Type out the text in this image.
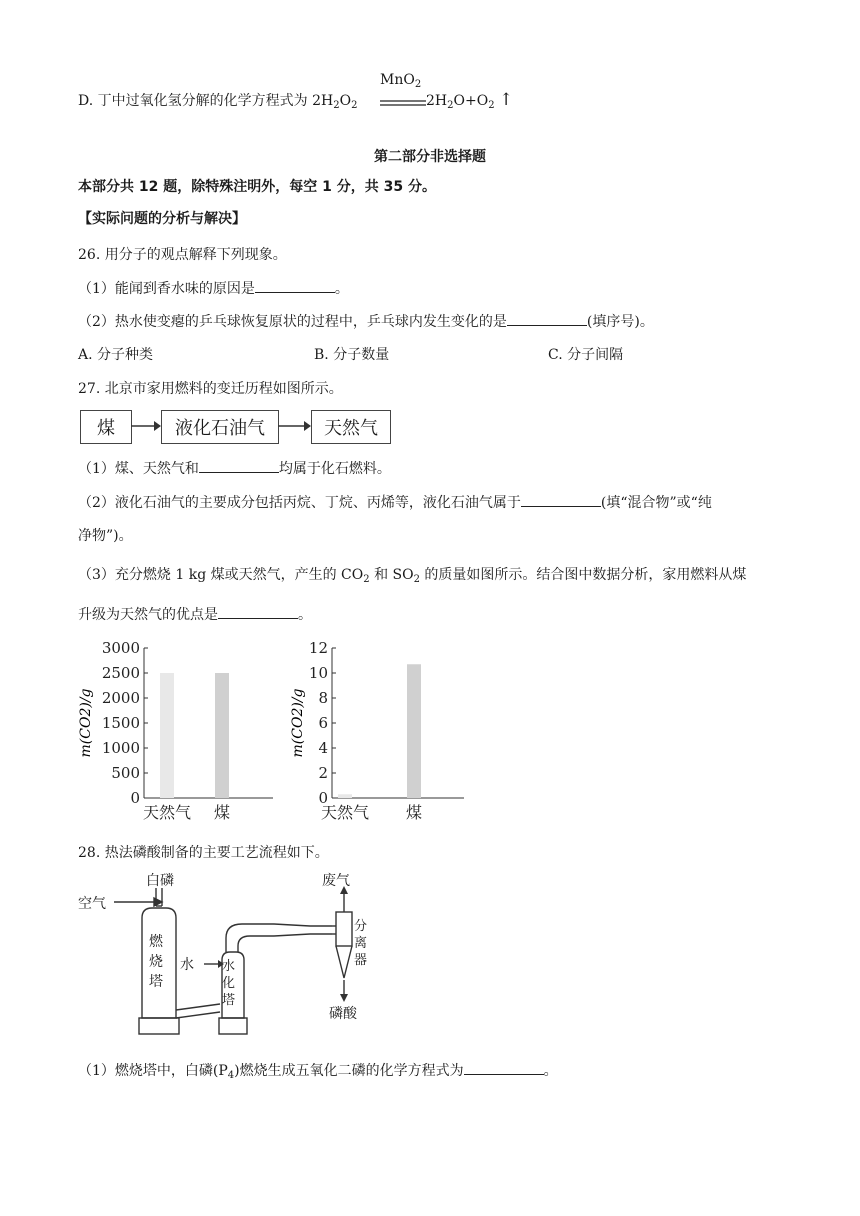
D. 丁中过氧化氢分解的化学方程式为 $2H_2O_2$
MnO$_2$
$2H_2O+O_2$ ↑
第二部分非选择题
本部分共 12 题，除特殊注明外，每空 1 分，共 35 分。
【实际问题的分析与解决】
26. 用分子的观点解释下列现象。
（1）能闻到香水味的原因是	。
（2）热水使变瘪的乒乓球恢复原状的过程中，乒乓球内发生变化的是	(填序号)。
A. 分子种类	B. 分子数量	C. 分子间隔
27. 北京市家用燃料的变迁历程如图所示。
煤	液化石油气	天然气
（1）煤、天然气和	均属于化石燃料。
（2）液化石油气的主要成分包括丙烷、丁烷、丙烯等，液化石油气属于	(填“混合物”或“纯
净物”)。
（3）充分燃烧 1 kg 煤或天然气，产生的 $CO_2$ 和 $SO_2$ 的质量如图所示。结合图中数据分析，家用燃料从煤
升级为天然气的优点是	。
m(CO2)/g
0
500
1000
1500
2000
2500
3000
天然气 煤
m(CO2)/g
0
2
4
6
8
10
12
天然气 煤
28. 热法磷酸制备的主要工艺流程如下。
空气
白磷
水
废气
磷酸
燃
烧
塔
水
化
塔
分
离
器
（1）燃烧塔中，白磷$(P_4)$燃烧生成五氧化二磷的化学方程式为	。
